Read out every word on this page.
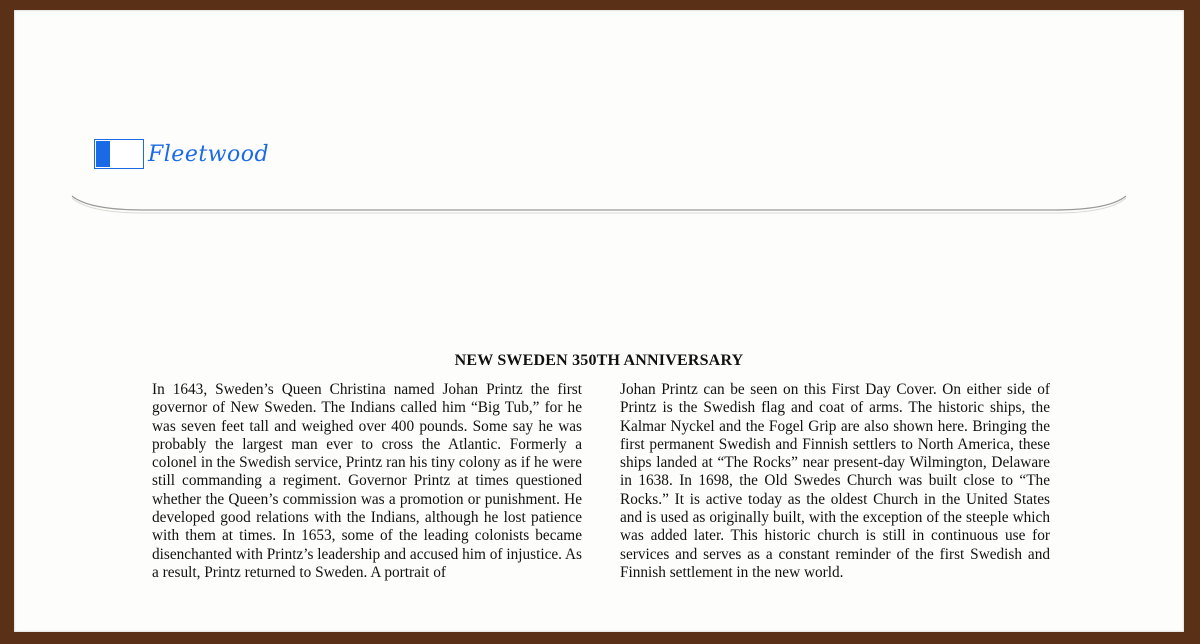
Fleetwood
NEW SWEDEN 350TH ANNIVERSARY

In 1643, Sweden’s Queen Christina named Johan Printz the first governor of New Sweden. The Indians called him “Big Tub,” for he was seven feet tall and weighed over 400 pounds. Some say he was probably the largest man ever to cross the Atlantic. Formerly a colonel in the Swedish service, Printz ran his tiny colony as if he were still commanding a regiment. Governor Printz at times questioned whether the Queen’s commission was a promotion or punishment. He developed good relations with the Indians, although he lost patience with them at times. In 1653, some of the leading colonists became disenchanted with Printz’s leadership and accused him of injustice. As a result, Printz returned to Sweden. A portrait of

Johan Printz can be seen on this First Day Cover. On either side of Printz is the Swedish flag and coat of arms. The historic ships, the Kalmar Nyckel and the Fogel Grip are also shown here. Bringing the first permanent Swedish and Finnish settlers to North America, these ships landed at “The Rocks” near present-day Wilmington, Delaware in 1638. In 1698, the Old Swedes Church was built close to “The Rocks.” It is active today as the oldest Church in the United States and is used as originally built, with the exception of the steeple which was added later. This historic church is still in continuous use for services and serves as a constant reminder of the first Swedish and Finnish settlement in the new world.
